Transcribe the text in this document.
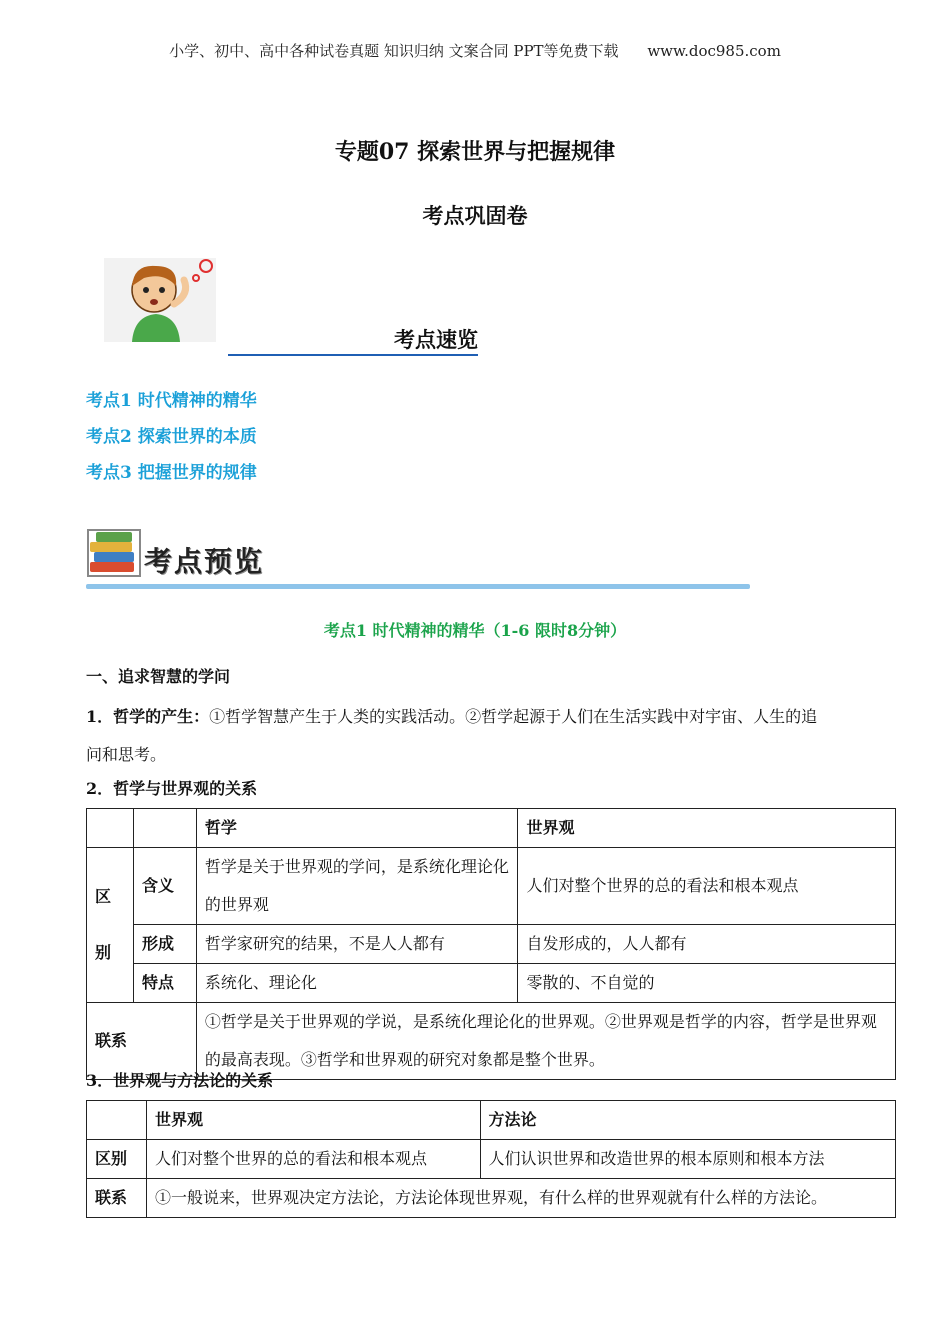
小学、初中、高中各种试卷真题 知识归纳 文案合同 PPT等免费下载 www.doc985.com
专题07 探索世界与把握规律
考点巩固卷
考点速览
考点1 时代精神的精华
考点2 探索世界的本质
考点3 把握世界的规律
考点预览
考点1 时代精神的精华（1-6 限时8分钟）
一、追求智慧的学问
1．哲学的产生：①哲学智慧产生于人类的实践活动。②哲学起源于人们在生活实践中对宇宙、人生的追
问和思考。
2．哲学与世界观的关系
		哲学	世界观

区
别	含义	哲学是关于世界观的学问，是系统化理论化的世界观	人们对整个世界的总的看法和根本观点
	形成	哲学家研究的结果，不是人人都有	自发形成的，人人都有
	特点	系统化、理论化	零散的、不自觉的
联系		①哲学是关于世界观的学说，是系统化理论化的世界观。②世界观是哲学的内容，哲学是世界观的最高表现。③哲学和世界观的研究对象都是整个世界。	
3．世界观与方法论的关系
	世界观	方法论
区别	人们对整个世界的总的看法和根本观点	人们认识世界和改造世界的根本原则和根本方法
联系	①一般说来，世界观决定方法论，方法论体现世界观，有什么样的世界观就有什么样的方法论。	
